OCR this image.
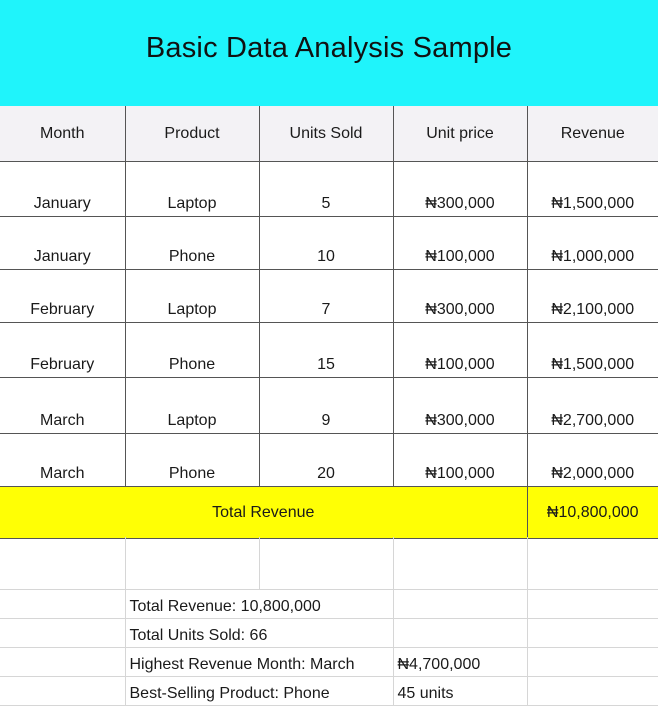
Basic Data Analysis Sample
Month	Product	Units Sold	Unit price	Revenue
January	Laptop	5	₦300,000	₦1,500,000
January	Phone	10	₦100,000	₦1,000,000
February	Laptop	7	₦300,000	₦2,100,000
February	Phone	15	₦100,000	₦1,500,000
March	Laptop	9	₦300,000	₦2,700,000
March	Phone	20	₦100,000	₦2,000,000
Total Revenue				₦10,800,000

	Total Revenue: 10,800,000			
	Total Units Sold: 66			
	Highest Revenue Month: March		₦4,700,000	
	Best-Selling Product: Phone		45 units	
